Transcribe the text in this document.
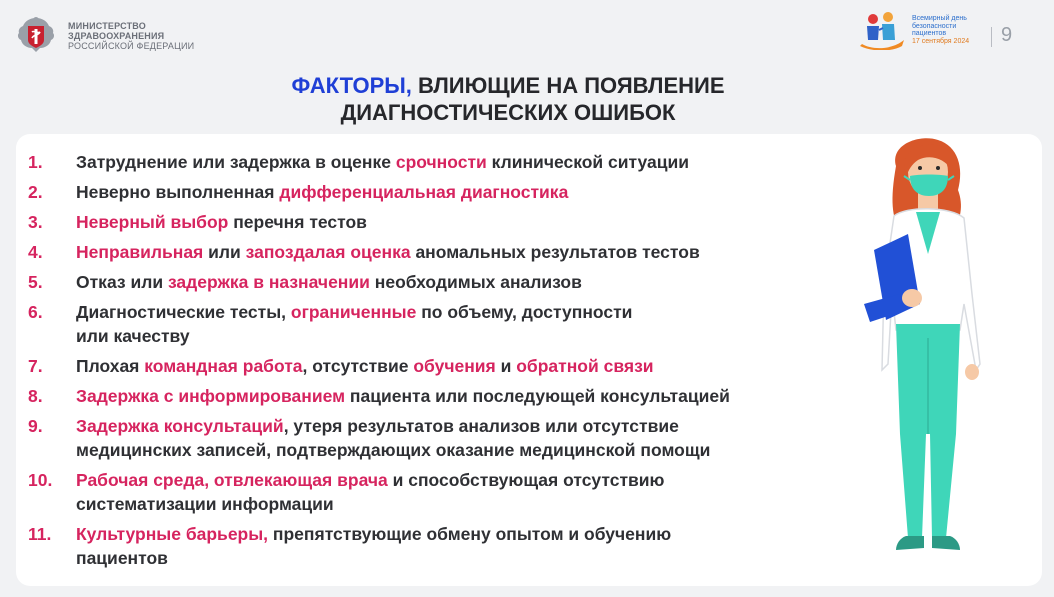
МИНИСТЕРСТВО
ЗДРАВООХРАНЕНИЯ
РОССИЙСКОЙ ФЕДЕРАЦИИ
Всемирный день
безопасности
пациентов
17 сентября 2024 9
ФАКТОРЫ, ВЛИЮЩИЕ НА ПОЯВЛЕНИЕ
ДИАГНОСТИЧЕСКИХ ОШИБОК
1.	Затруднение или задержка в оценке срочности клинической ситуации
2.	Неверно выполненная дифференциальная диагностика
3.	Неверный выбор перечня тестов
4.	Неправильная или запоздалая оценка аномальных результатов тестов
5.	Отказ или задержка в назначении необходимых анализов
6.	Диагностические тесты, ограниченные по объему, доступности
или качеству
7.	Плохая командная работа, отсутствие обучения и обратной связи
8.	Задержка с информированием пациента или последующей консультацией
9.	Задержка консультаций, утеря результатов анализов или отсутствие
медицинских записей, подтверждающих оказание медицинской помощи
10.	Рабочая среда, отвлекающая врача и способствующая отсутствию
систематизации информации
11.	Культурные барьеры, препятствующие обмену опытом и обучению
пациентов
